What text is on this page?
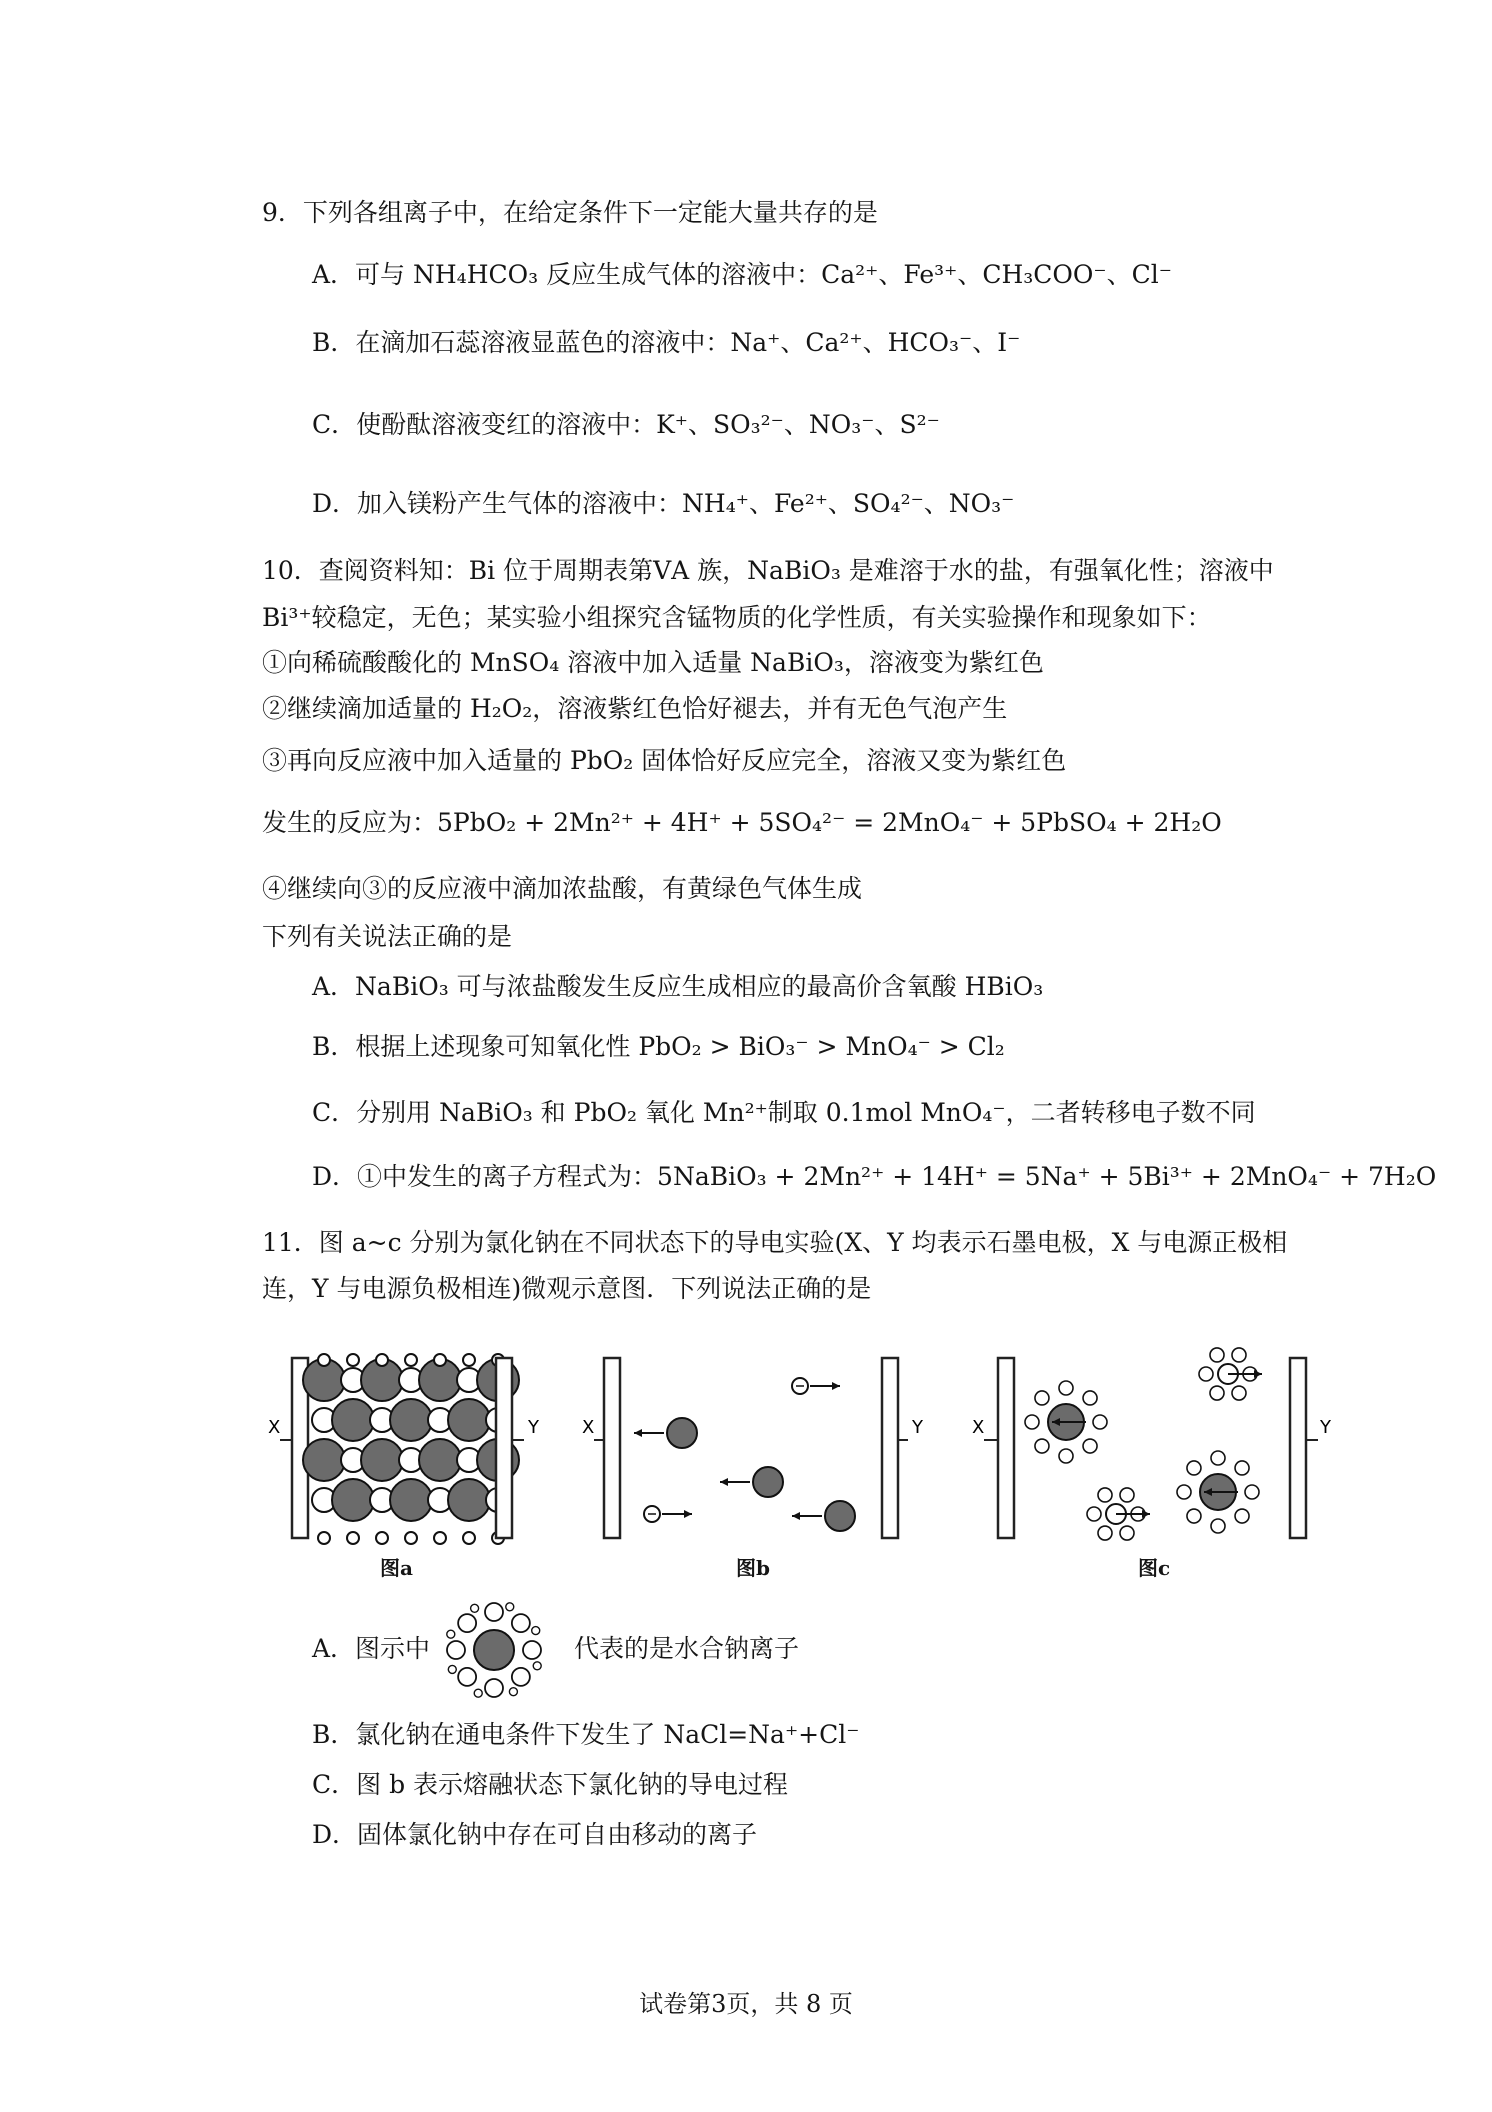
9．下列各组离子中，在给定条件下一定能大量共存的是
A．可与 NH₄HCO₃ 反应生成气体的溶液中：Ca²⁺、Fe³⁺、CH₃COO⁻、Cl⁻
B．在滴加石蕊溶液显蓝色的溶液中：Na⁺、Ca²⁺、HCO₃⁻、I⁻
C．使酚酞溶液变红的溶液中：K⁺、SO₃²⁻、NO₃⁻、S²⁻
D．加入镁粉产生气体的溶液中：NH₄⁺、Fe²⁺、SO₄²⁻、NO₃⁻
10．查阅资料知：Bi 位于周期表第ⅤA 族，NaBiO₃ 是难溶于水的盐，有强氧化性；溶液中
Bi³⁺较稳定，无色；某实验小组探究含锰物质的化学性质，有关实验操作和现象如下：
①向稀硫酸酸化的 MnSO₄ 溶液中加入适量 NaBiO₃，溶液变为紫红色
②继续滴加适量的 H₂O₂，溶液紫红色恰好褪去，并有无色气泡产生
③再向反应液中加入适量的 PbO₂ 固体恰好反应完全，溶液又变为紫红色
发生的反应为：5PbO₂ + 2Mn²⁺ + 4H⁺ + 5SO₄²⁻ = 2MnO₄⁻ + 5PbSO₄ + 2H₂O
④继续向③的反应液中滴加浓盐酸，有黄绿色气体生成
下列有关说法正确的是
A．NaBiO₃ 可与浓盐酸发生反应生成相应的最高价含氧酸 HBiO₃
B．根据上述现象可知氧化性 PbO₂ > BiO₃⁻ > MnO₄⁻ > Cl₂
C．分别用 NaBiO₃ 和 PbO₂ 氧化 Mn²⁺制取 0.1mol MnO₄⁻，二者转移电子数不同
D．①中发生的离子方程式为：5NaBiO₃ + 2Mn²⁺ + 14H⁺ = 5Na⁺ + 5Bi³⁺ + 2MnO₄⁻ + 7H₂O
11．图 a~c 分别为氯化钠在不同状态下的导电实验(X、Y 均表示石墨电极，X 与电源正极相
连，Y 与电源负极相连)微观示意图．下列说法正确的是
X	Y
图a
X	Y
图b
X	Y
图c
A．图示中	代表的是水合钠离子
B．氯化钠在通电条件下发生了 NaCl=Na⁺+Cl⁻
C．图 b 表示熔融状态下氯化钠的导电过程
D．固体氯化钠中存在可自由移动的离子
试卷第3页，共 8 页
